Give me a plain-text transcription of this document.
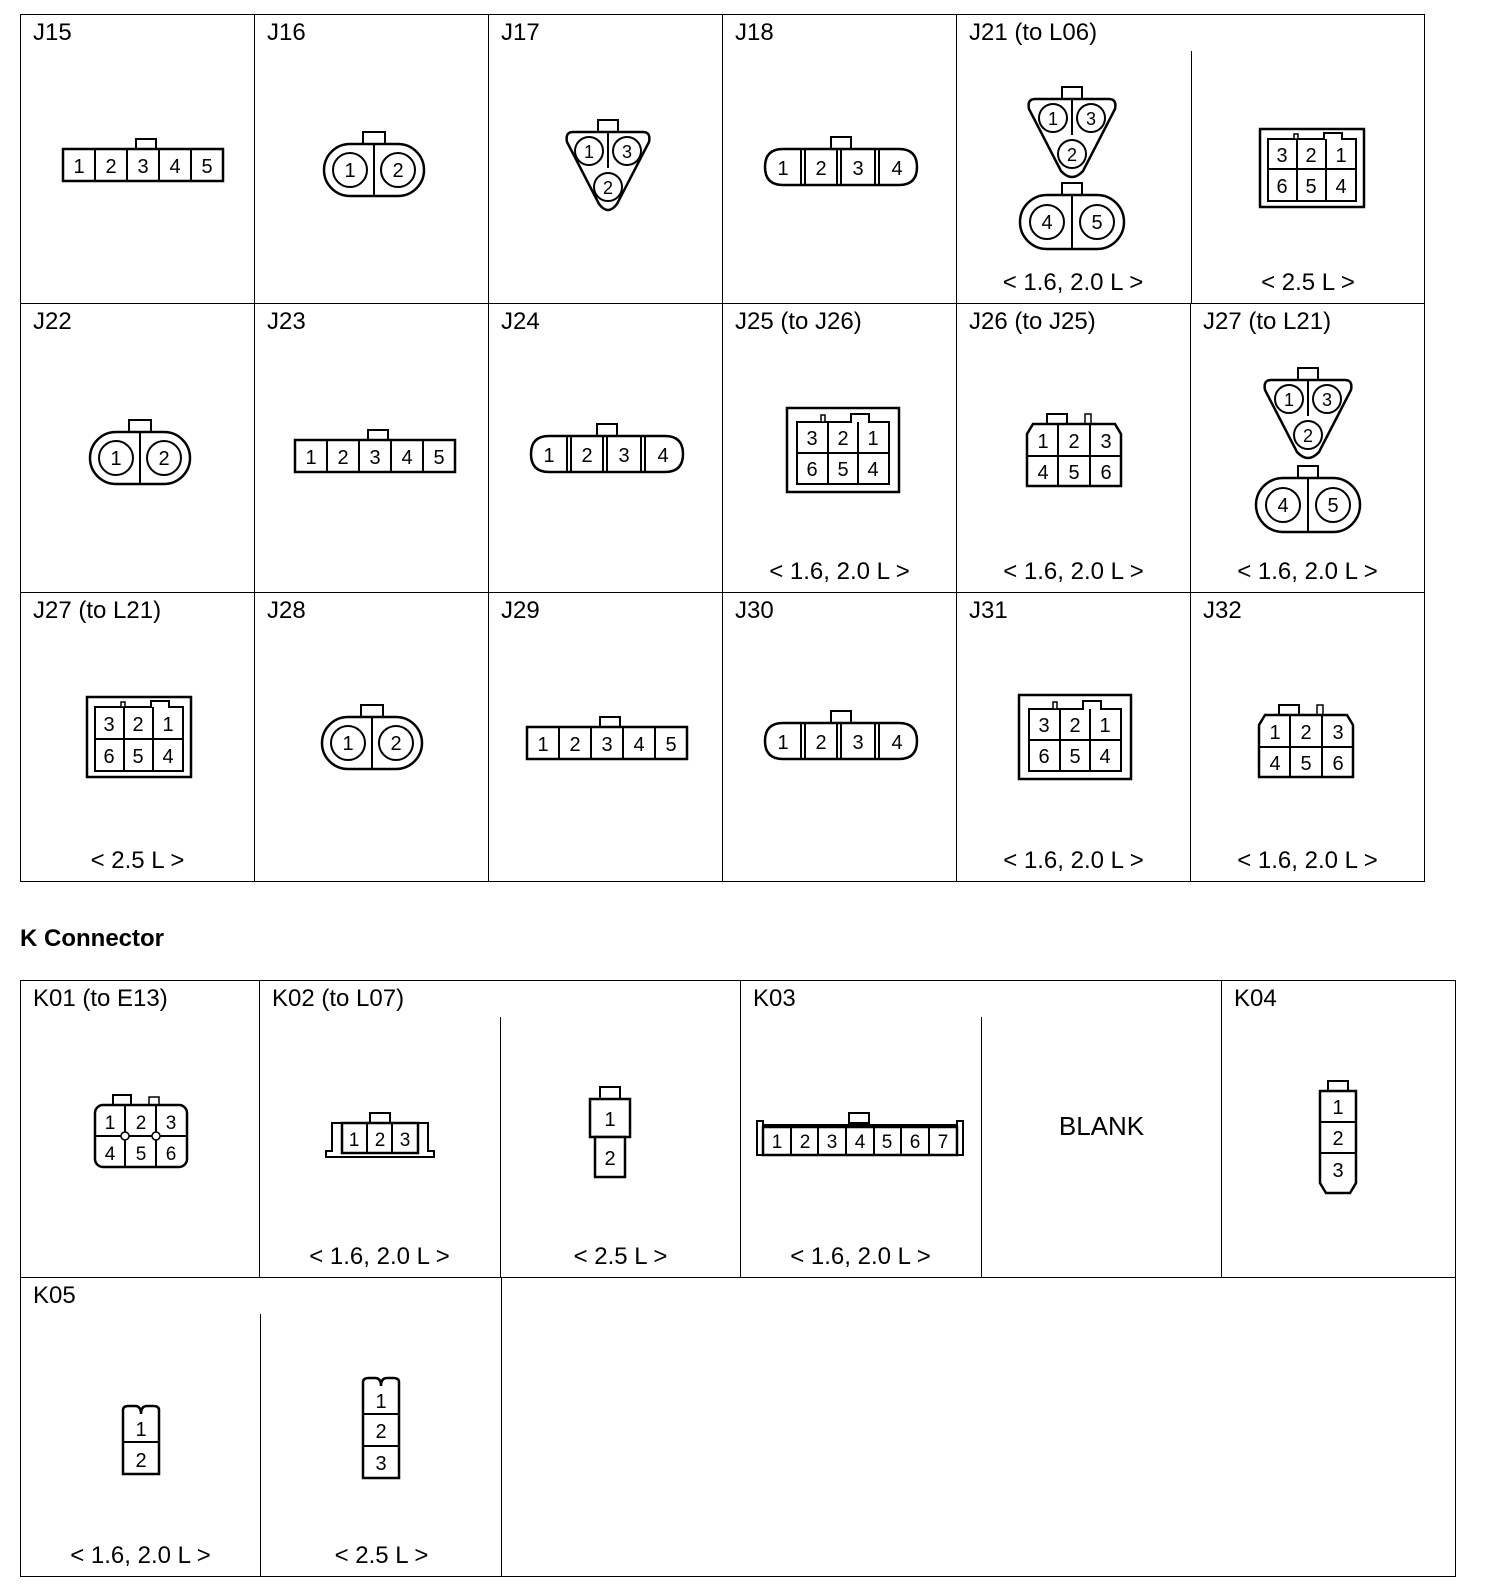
J15
1 2 3 4 5
J16
1 2
J17
1 3
2
J18
1 2 3 4
J21 (to L06)
1 3
2
4 5
< 1.6, 2.0 L >
3 2 1
6 5 4
< 2.5 L >
J22
1 2
J23
1 2 3 4 5
J24
1 2 3 4
J25 (to J26)
3 2 1
6 5 4
< 1.6, 2.0 L >
J26 (to J25)
1 2 3
4 5 6
< 1.6, 2.0 L >
J27 (to L21)
1 3
2
4 5
< 1.6, 2.0 L >
J27 (to L21)
3 2 1
6 5 4
< 2.5 L >
J28
1 2
J29
1 2 3 4 5
J30
1 2 3 4
J31
3 2 1
6 5 4
< 1.6, 2.0 L >
J32
1 2 3
4 5 6
< 1.6, 2.0 L >
K Connector
K01 (to E13)
1 2 3
4 5 6
K02 (to L07)
1 2 3
< 1.6, 2.0 L >
1
2
< 2.5 L >
K03
1 2 3 4 5 6 7
< 1.6, 2.0 L >
BLANK
K04
1
2
3
K05
1
2
< 1.6, 2.0 L >
1
2
3
< 2.5 L >
